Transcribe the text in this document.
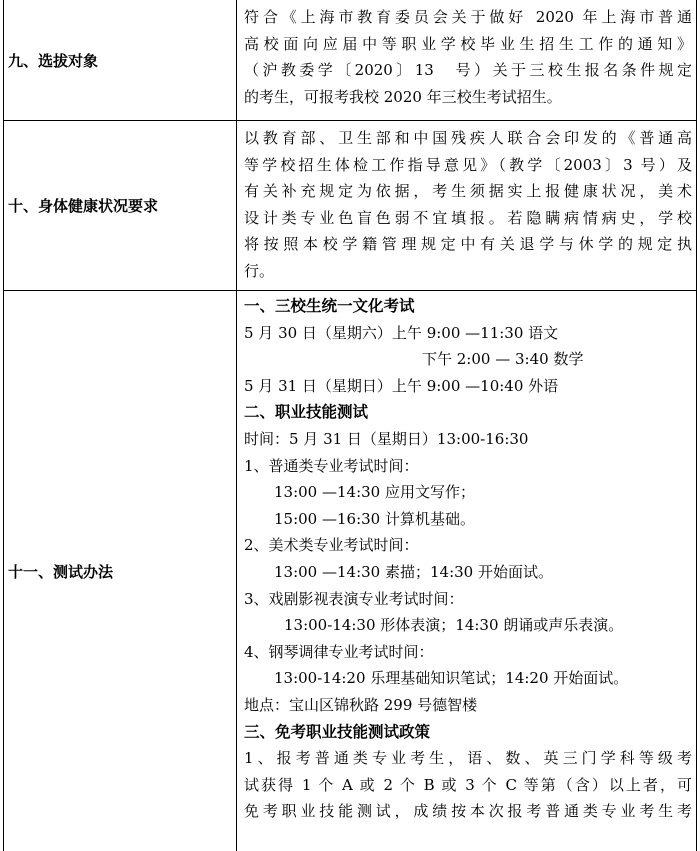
九、选拔对象
符合《上海市教育委员会关于做好 2020 年上海市普通
高校面向应届中等职业学校毕业生招生工作的通知》
（沪教委学〔2020〕13　号）关于三校生报名条件规定
的考生，可报考我校 2020 年三校生考试招生。
十、身体健康状况要求
以教育部、卫生部和中国残疾人联合会印发的《普通高
等学校招生体检工作指导意见》（教学〔2003〕3 号）及
有关补充规定为依据，考生须据实上报健康状况，美术
设计类专业色盲色弱不宜填报。若隐瞒病情病史，学校
将按照本校学籍管理规定中有关退学与休学的规定执
行。
十一、测试办法
一、三校生统一文化考试
5 月 30 日（星期六）上午 9:00 —11:30 语文
下午 2:00 — 3:40 数学
5 月 31 日（星期日）上午 9:00 —10:40 外语
二、职业技能测试
时间：5 月 31 日（星期日）13:00-16:30
1、普通类专业考试时间：
13:00 —14:30 应用文写作；
15:00 —16:30 计算机基础。
2、美术类专业考试时间：
13:00 —14:30 素描；14:30 开始面试。
3、戏剧影视表演专业考试时间：
13:00-14:30 形体表演；14:30 朗诵或声乐表演。
4、钢琴调律专业考试时间：
13:00-14:20 乐理基础知识笔试；14:20 开始面试。
地点：宝山区锦秋路 299 号德智楼
三、免考职业技能测试政策
1、报考普通类专业考生，语、数、英三门学科等级考
试获得 1 个 A 或 2 个 B 或 3 个 C 等第（含）以上者，可
免考职业技能测试，成绩按本次报考普通类专业考生考
